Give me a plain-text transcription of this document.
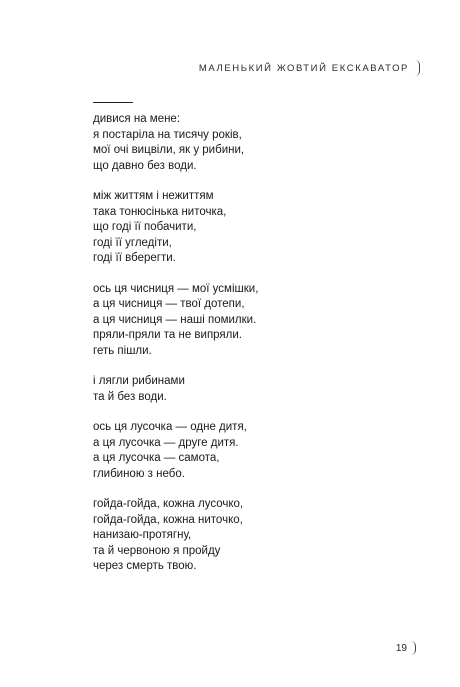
МАЛЕНЬКИЙ ЖОВТИЙ ЕКСКАВАТОР
дивися на мене:
я постаріла на тисячу років,
мої очі вицвіли, як у рибини,
що давно без води.
між життям і нежиттям
така тонюсінька ниточка,
що годі її побачити,
годі її угледіти,
годі її вберегти.
ось ця чисниця — мої усмішки,
а ця чисниця — твої дотепи,
а ця чисниця — наші помилки.
пряли-пряли та не випряли.
геть пішли.
і лягли рибинами
та й без води.
ось ця лусочка — одне дитя,
а ця лусочка — друге дитя.
а ця лусочка — самота,
глибиною з небо.
гойда-гойда, кожна лусочко,
гойда-гойда, кожна ниточко,
нанизаю-протягну,
та й червоною я пройду
через смерть твою.
19
